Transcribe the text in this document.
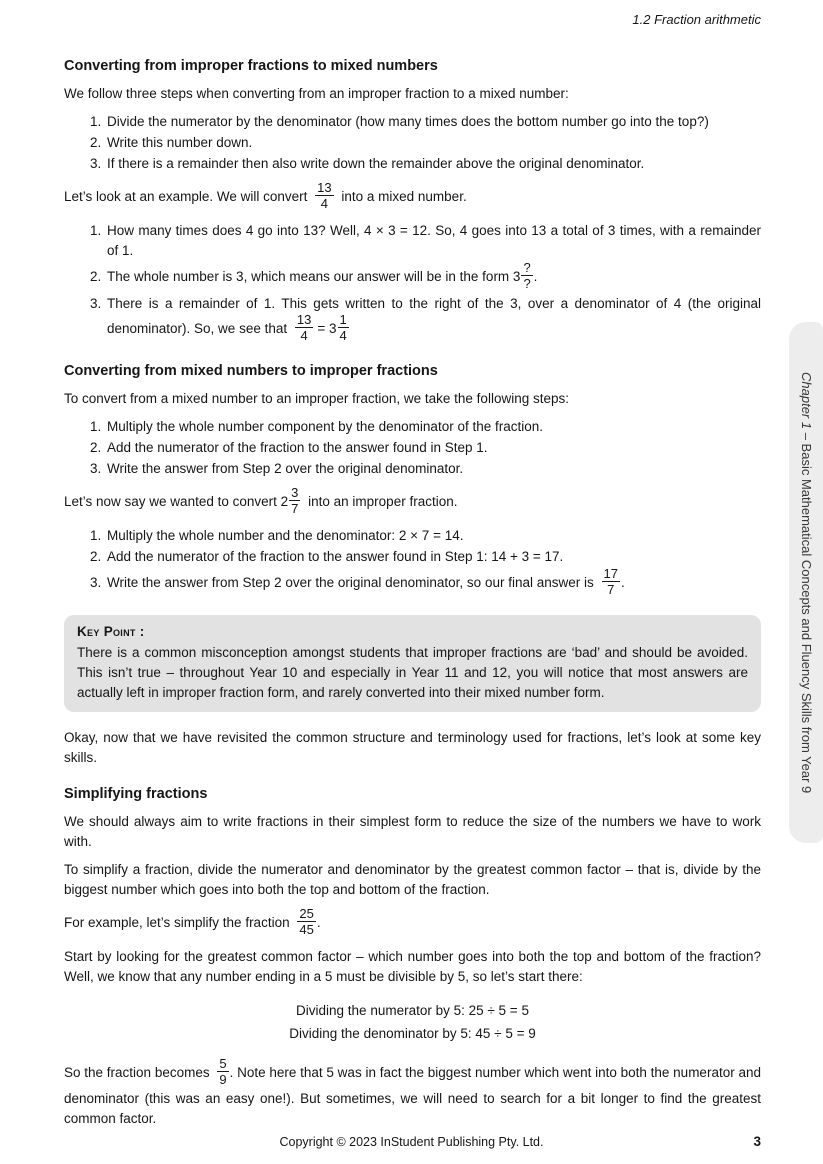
1.2 Fraction arithmetic
Converting from improper fractions to mixed numbers

We follow three steps when converting from an improper fraction to a mixed number:

1. Divide the numerator by the denominator (how many times does the bottom number go into the top?)
2. Write this number down.
3. If there is a remainder then also write down the remainder above the original denominator.

Let’s look at an example. We will convert $\frac{13}{4}$ into a mixed number.

1. How many times does 4 go into 13? Well, 4 × 3 = 12. So, 4 goes into 13 a total of 3 times, with a remainder of 1.
2. The whole number is 3, which means our answer will be in the form $3 \frac{?}{?}$ .
3. There is a remainder of 1. This gets written to the right of the 3, over a denominator of 4 (the original denominator). So, we see that $\frac{13}{4} = 3 \frac{1}{4}$
Converting from mixed numbers to improper fractions

To convert from a mixed number to an improper fraction, we take the following steps:

1. Multiply the whole number component by the denominator of the fraction.
2. Add the numerator of the fraction to the answer found in Step 1.
3. Write the answer from Step 2 over the original denominator.

Let’s now say we wanted to convert $2 \frac{3}{7}$ into an improper fraction.

1. Multiply the whole number and the denominator: 2 × 7 = 14.
2. Add the numerator of the fraction to the answer found in Step 1: 14 + 3 = 17.
3. Write the answer from Step 2 over the original denominator, so our final answer is $\frac{17}{7}$ .
Key Point :
There is a common misconception amongst students that improper fractions are ‘bad’ and should be avoided. This isn’t true – throughout Year 10 and especially in Year 11 and 12, you will notice that most answers are actually left in improper fraction form, and rarely converted into their mixed number form.

Okay, now that we have revisited the common structure and terminology used for fractions, let’s look at some key skills.

Simplifying fractions

We should always aim to write fractions in their simplest form to reduce the size of the numbers we have to work with.

To simplify a fraction, divide the numerator and denominator by the greatest common factor – that is, divide by the biggest number which goes into both the top and bottom of the fraction.

For example, let’s simplify the fraction $\frac{25}{45}$ .

Start by looking for the greatest common factor – which number goes into both the top and bottom of the fraction? Well, we know that any number ending in a 5 must be divisible by 5, so let’s start there:

Dividing the numerator by 5: 25 ÷ 5 = 5
Dividing the denominator by 5: 45 ÷ 5 = 9

So the fraction becomes $\frac{5}{9}$ . Note here that 5 was in fact the biggest number which went into both the numerator and denominator (this was an easy one!). But sometimes, we will need to search for a bit longer to find the greatest common factor.

Chapter 1 – Basic Mathematical Concepts and Fluency Skills from Year 9
Copyright © 2023 InStudent Publishing Pty. Ltd.	3
